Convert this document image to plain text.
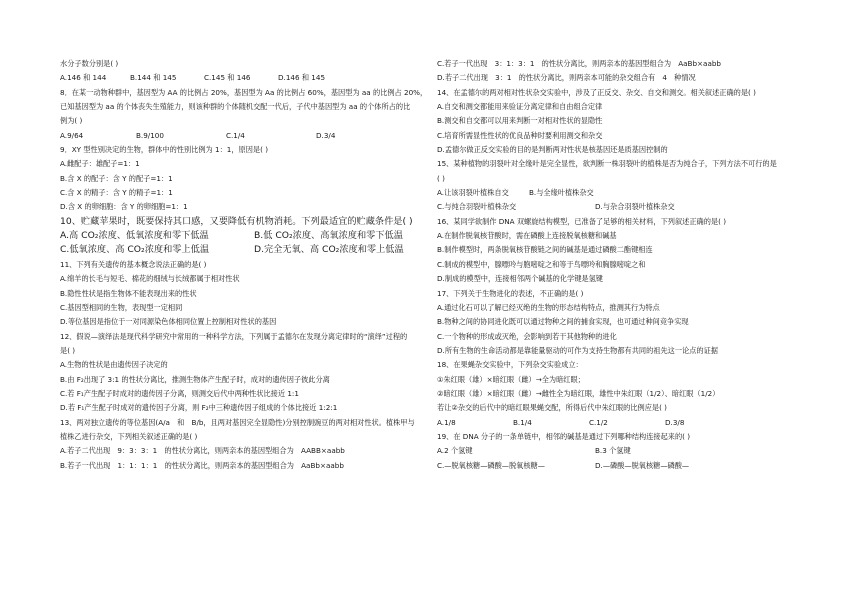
水分子数分别是( )
A.146 和 144	B.144 和 145	C.145 和 146	D.146 和 145
8．在某一动物种群中，基因型为 AA 的比例占 20%，基因型为 Aa 的比例占 60%，基因型为 aa 的比例占 20%，
已知基因型为 aa 的个体丧失生殖能力，则该种群的个体随机交配一代后，子代中基因型为 aa 的个体所占的比
例为( )
A.9/64	B.9/100	C.1/4	D.3/4
9．XY 型性别决定的生物，群体中的性别比例为 1：1，原因是( )
A.雌配子：雄配子=1：1
B.含 X 的配子：含 Y 的配子=1：1
C.含 X 的精子：含 Y 的精子=1：1
D.含 X 的卵细胞：含 Y 的卵细胞=1：1
10、贮藏苹果时，既要保持其口感，又要降低有机物消耗。下列最适宜的贮藏条件是( )
A.高 CO₂浓度、低氧浓度和零下低温	B.低 CO₂浓度、高氧浓度和零下低温
C.低氧浓度、高 CO₂浓度和零上低温	D.完全无氧、高 CO₂浓度和零上低温
11、下列有关遗传的基本概念说法正确的是( )
A.绵羊的长毛与短毛、棉花的细绒与长绒都属于相对性状
B.隐性性状是指生物体不能表现出来的性状
C.基因型相同的生物，表现型一定相同
D.等位基因是指位于一对同源染色体相同位置上控制相对性状的基因
12、假说—演绎法是现代科学研究中常用的一种科学方法，下列属于孟德尔在发现分离定律时的“演绎”过程的
是( )
A.生物的性状是由遗传因子决定的
B.由 F₂出现了 3:1 的性状分离比，推测生物体产生配子时，成对的遗传因子彼此分离
C.若 F₁产生配子时成对的遗传因子分离，则测交后代中两种性状比接近 1:1
D.若 F₁产生配子时成对的遗传因子分离，则 F₂中三种遗传因子组成的个体比接近 1:2:1
13、两对独立遗传的等位基因(A/a　和　B/b，且两对基因完全显隐性)分别控制豌豆的两对相对性状。植株甲与
植株乙进行杂交，下列相关叙述正确的是( )
A.若子二代出现　9：3：3：1　的性状分离比，则两亲本的基因型组合为　AABB×aabb
B.若子一代出现　1：1：1：1　的性状分离比，则两亲本的基因型组合为　AaBb×aabb
C.若子一代出现　3：1：3：1　的性状分离比，则两亲本的基因型组合为　AaBb×aabb
D.若子二代出现　3：1　的性状分离比，则两亲本可能的杂交组合有　4　种情况
14、在孟德尔的两对相对性状杂交实验中，涉及了正反交、杂交、自交和测交。相关叙述正确的是( )
A.自交和测交都能用来验证分离定律和自由组合定律
B.测交和自交都可以用来判断一对相对性状的显隐性
C.培育所需显性性状的优良品种时要利用测交和杂交
D.孟德尔做正反交实验的目的是判断两对性状是核基因还是质基因控制的
15、某种植物的羽裂叶对全缘叶是完全显性，欲判断一株羽裂叶的植株是否为纯合子，下列方法不可行的是
( )
A.让该羽裂叶植株自交	B.与全缘叶植株杂交
C.与纯合羽裂叶植株杂交	D.与杂合羽裂叶植株杂交
16、某同学欲制作 DNA 双螺旋结构模型，已准备了足够的相关材料，下列叙述正确的是( )
A.在制作脱氧核苷酸时，需在磷酸上连接脱氧核糖和碱基
B.制作模型时，两条脱氧核苷酸链之间的碱基是通过磷酸二酯键相连
C.制成的模型中，腺嘌呤与胞嘧啶之和等于鸟嘌呤和胸腺嘧啶之和
D.制成的模型中，连接相邻两个碱基的化学键是氢键
17、下列关于生物进化的表述，不正确的是( )
A.通过化石可以了解已经灭绝的生物的形态结构特点，推测其行为特点
B.物种之间的协同进化既可以通过物种之间的捕食实现，也可通过种间竞争实现
C.一个物种的形成或灭绝，会影响到若干其他物种的进化
D.所有生物的生命活动都是靠能量驱动的可作为支持生物都有共同的祖先这一论点的证据
18、在果蝇杂交实验中，下列杂交实验成立：
①朱红眼（雄）×暗红眼（雌）→全为暗红眼；
②暗红眼（雄）×暗红眼（雌）→雌性全为暗红眼，雄性中朱红眼（1/2）、暗红眼（1/2）
若让②杂交的后代中的暗红眼果蝇交配，所得后代中朱红眼的比例应是( )
A.1/8	B.1/4	C.1/2	D.3/8
19、在 DNA 分子的一条单链中，相邻的碱基是通过下列哪种结构连接起来的( )
A.2 个氢键	B.3 个氢键
C.—脱氧核糖—磷酸—脱氧核糖—	D.—磷酸—脱氧核糖—磷酸—
